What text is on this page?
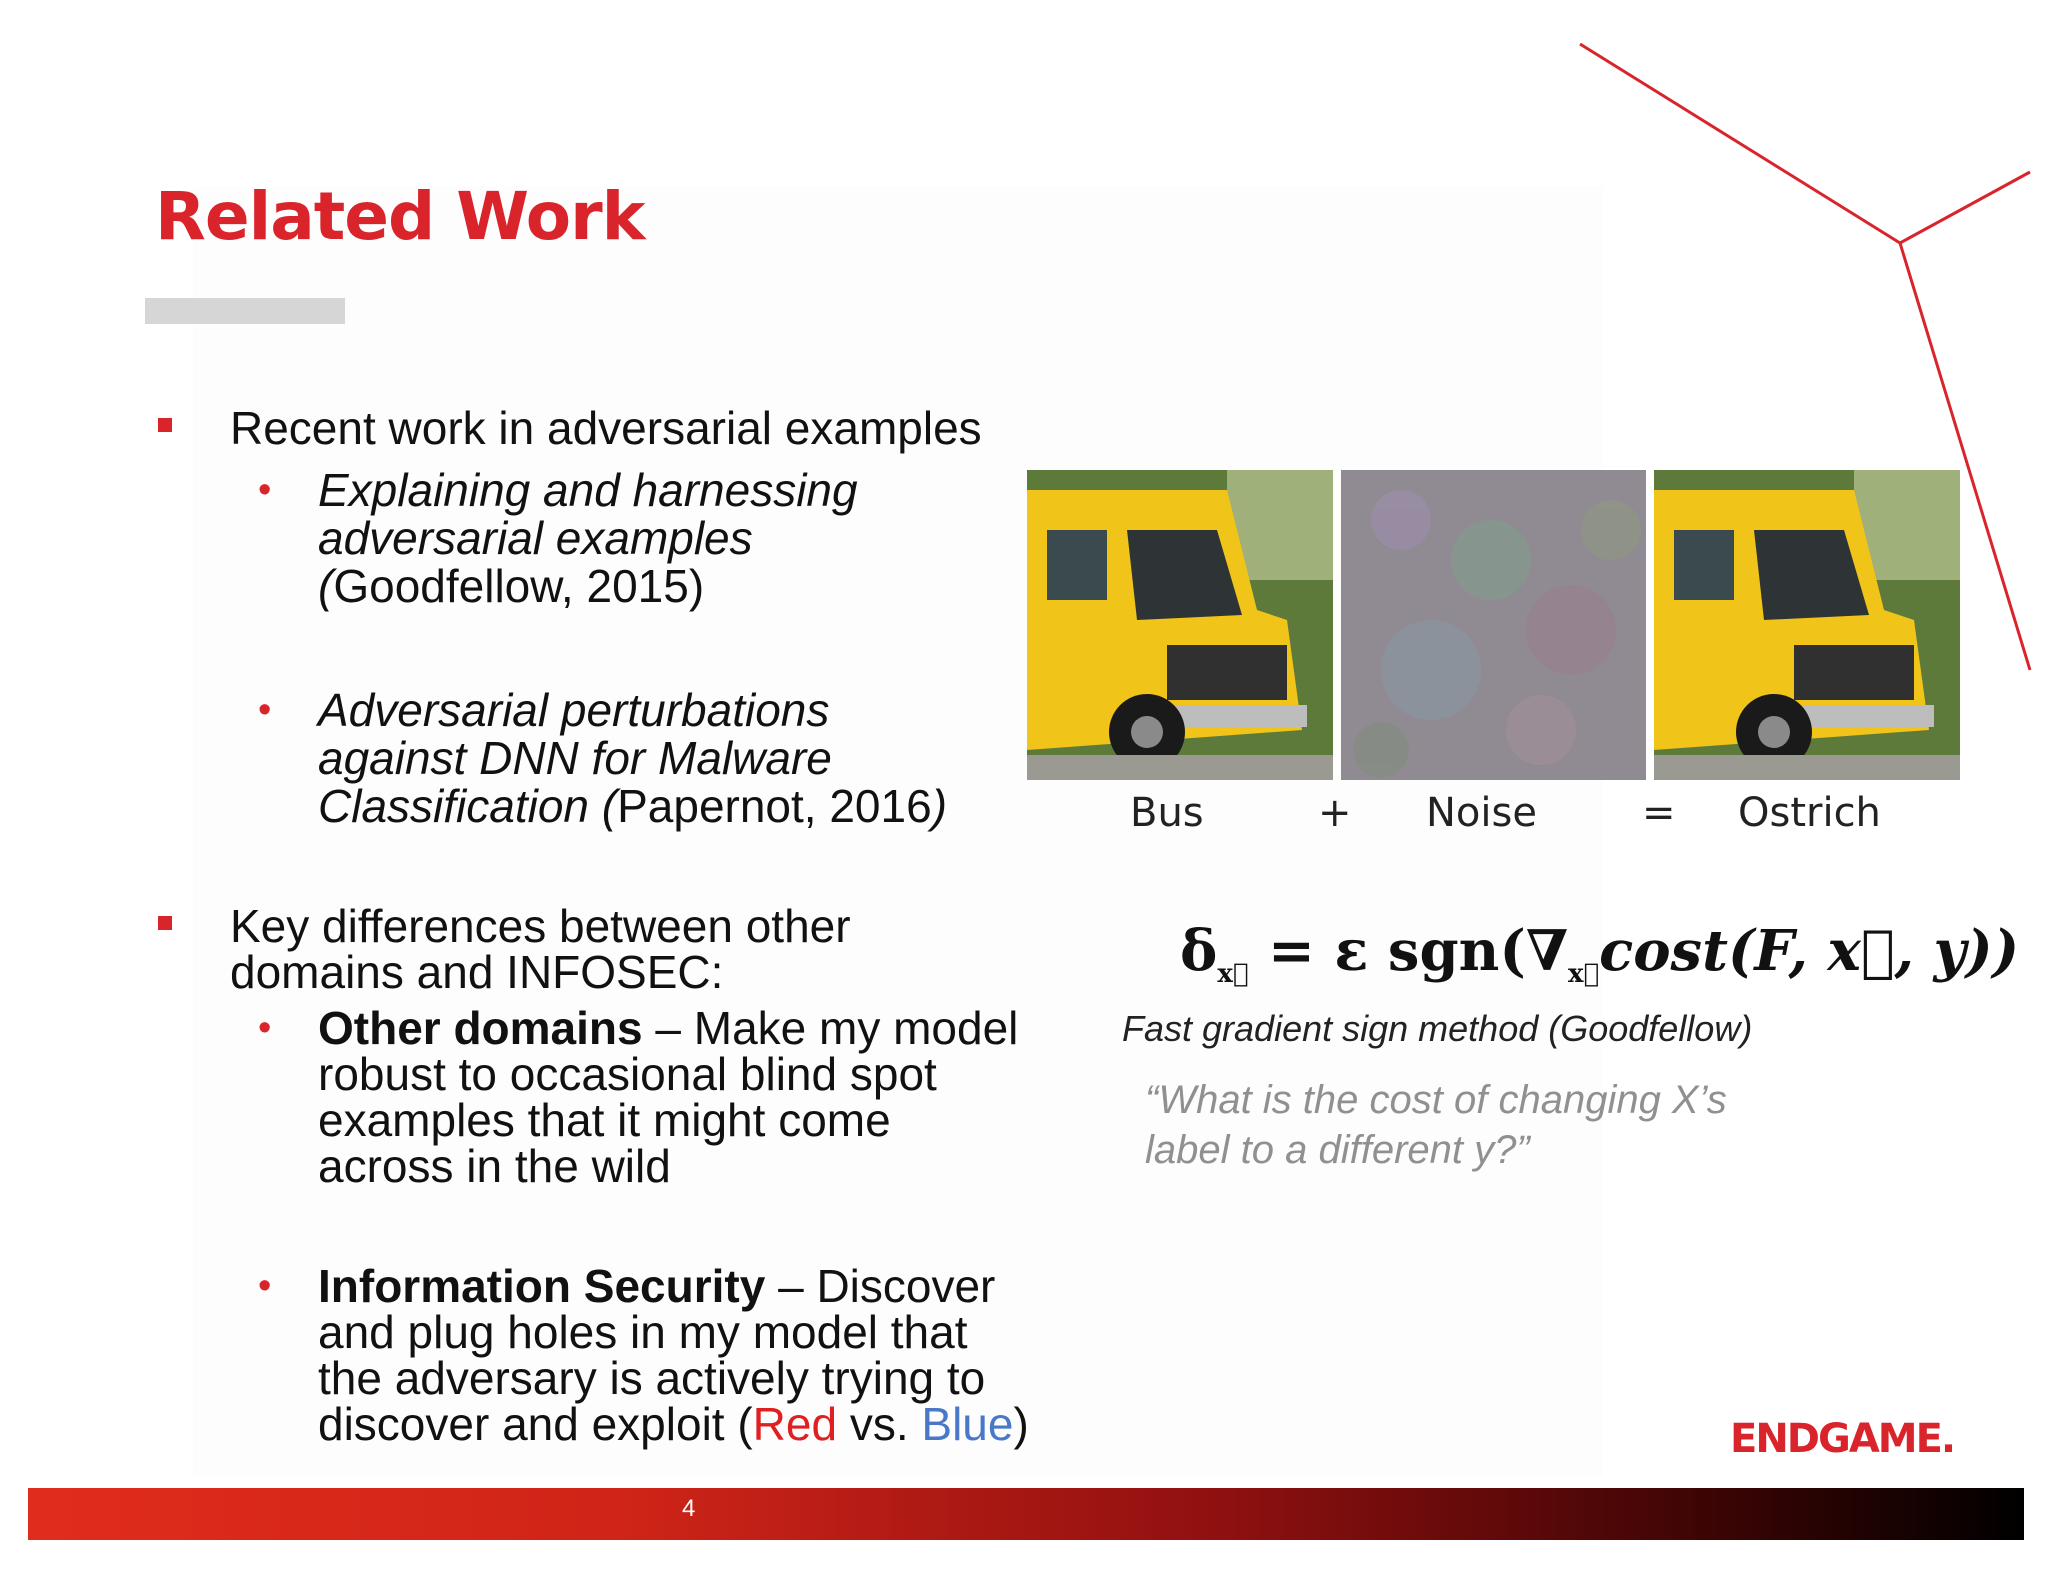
Related Work
Recent work in adversarial examples
• Explaining and harnessing
adversarial examples
(Goodfellow, 2015)
• Adversarial perturbations
against DNN for Malware
Classification (Papernot, 2016)
Key differences between other
domains and INFOSEC:
• Other domains – Make my model
robust to occasional blind spot
examples that it might come
across in the wild
• Information Security – Discover
and plug holes in my model that
the adversary is actively trying to
discover and exploit (Red vs. Blue)
Bus	+ Noise	= Ostrich
$\delta_{x⃗} = \varepsilon$ $sgn(\nabla_{x⃗}\cos t(F$, x⃗, y))
Fast gradient sign method (Goodfellow)
“What is the cost of changing X’s
label to a different y?”
ENDGAME.
4
